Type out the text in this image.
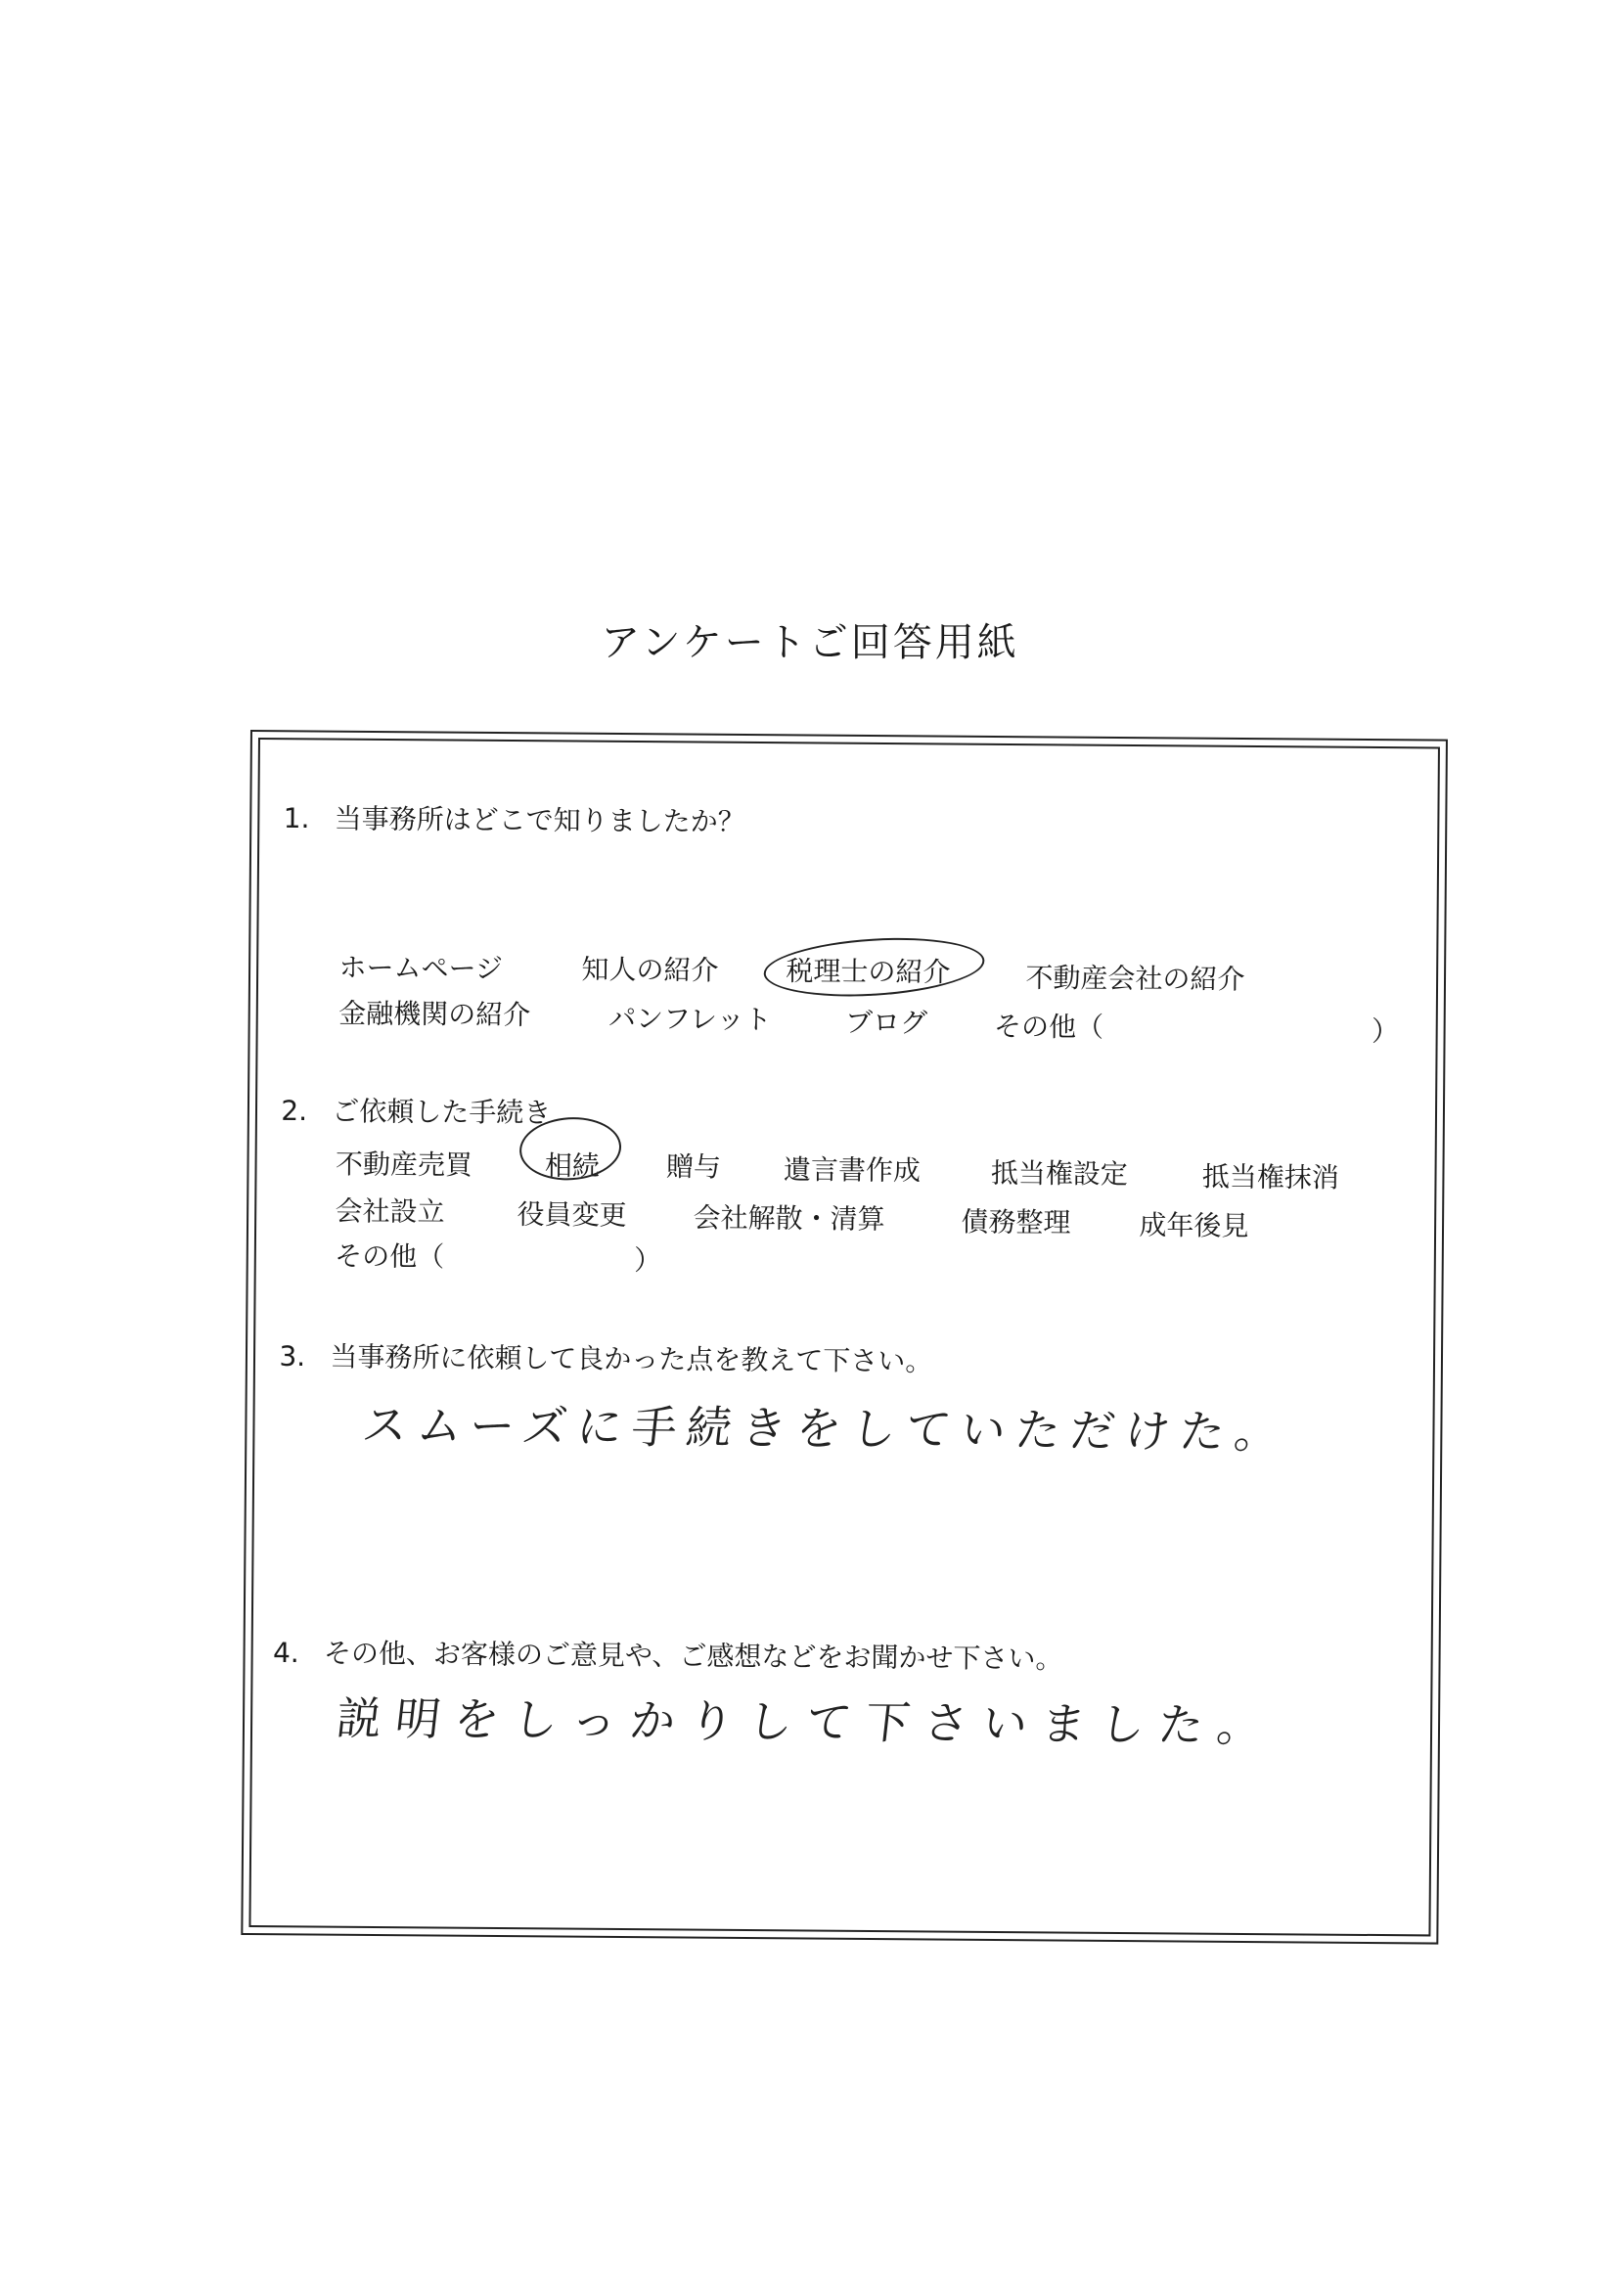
アンケートご回答用紙
1. 当事務所はどこで知りましたか？
ホームページ	知人の紹介 税理士の紹介	不動産会社の紹介
金融機関の紹介	パンフレット	ブログ その他（	）
2. ご依頼した手続き
不動産売買	相続 贈与 遺言書作成	抵当権設定	抵当権抹消
会社設立	役員変更 会社解散・清算	債務整理 成年後見
その他（	）
3. 当事務所に依頼して良かった点を教えて下さい。
スムーズに手続きをしていただけた。
4. その他、お客様のご意見や、ご感想などをお聞かせ下さい。
説明をしっかりして下さいました。
